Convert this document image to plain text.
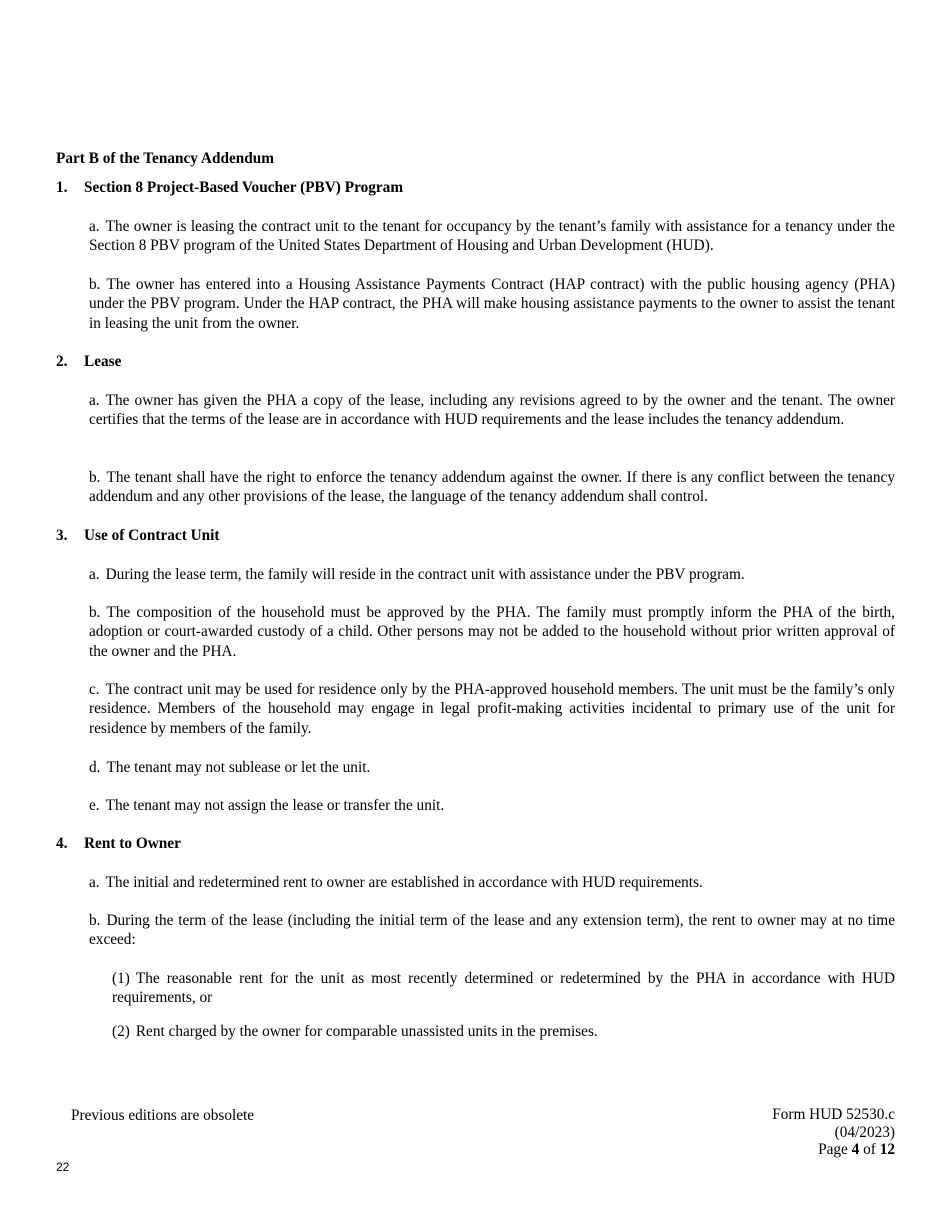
Part B of the Tenancy Addendum
1. Section 8 Project-Based Voucher (PBV) Program
a. The owner is leasing the contract unit to the tenant for occupancy by the tenant’s family with assistance for a tenancy under the Section 8 PBV program of the United States Department of Housing and Urban Development (HUD).
b. The owner has entered into a Housing Assistance Payments Contract (HAP contract) with the public housing agency (PHA) under the PBV program. Under the HAP contract, the PHA will make housing assistance payments to the owner to assist the tenant in leasing the unit from the owner.
2. Lease
a. The owner has given the PHA a copy of the lease, including any revisions agreed to by the owner and the tenant. The owner certifies that the terms of the lease are in accordance with HUD requirements and the lease includes the tenancy addendum.
b. The tenant shall have the right to enforce the tenancy addendum against the owner. If there is any conflict between the tenancy addendum and any other provisions of the lease, the language of the tenancy addendum shall control.
3. Use of Contract Unit
a. During the lease term, the family will reside in the contract unit with assistance under the PBV program.
b. The composition of the household must be approved by the PHA. The family must promptly inform the PHA of the birth, adoption or court-awarded custody of a child. Other persons may not be added to the household without prior written approval of the owner and the PHA.
c. The contract unit may be used for residence only by the PHA-approved household members. The unit must be the family’s only residence. Members of the household may engage in legal profit-making activities incidental to primary use of the unit for residence by members of the family.
d. The tenant may not sublease or let the unit.
e. The tenant may not assign the lease or transfer the unit.
4. Rent to Owner
a. The initial and redetermined rent to owner are established in accordance with HUD requirements.
b. During the term of the lease (including the initial term of the lease and any extension term), the rent to owner may at no time exceed:
(1) The reasonable rent for the unit as most recently determined or redetermined by the PHA in accordance with HUD requirements, or
(2) Rent charged by the owner for comparable unassisted units in the premises.
Previous editions are obsolete	Form HUD 52530.c
(04/2023)
Page 4 of 12
22
